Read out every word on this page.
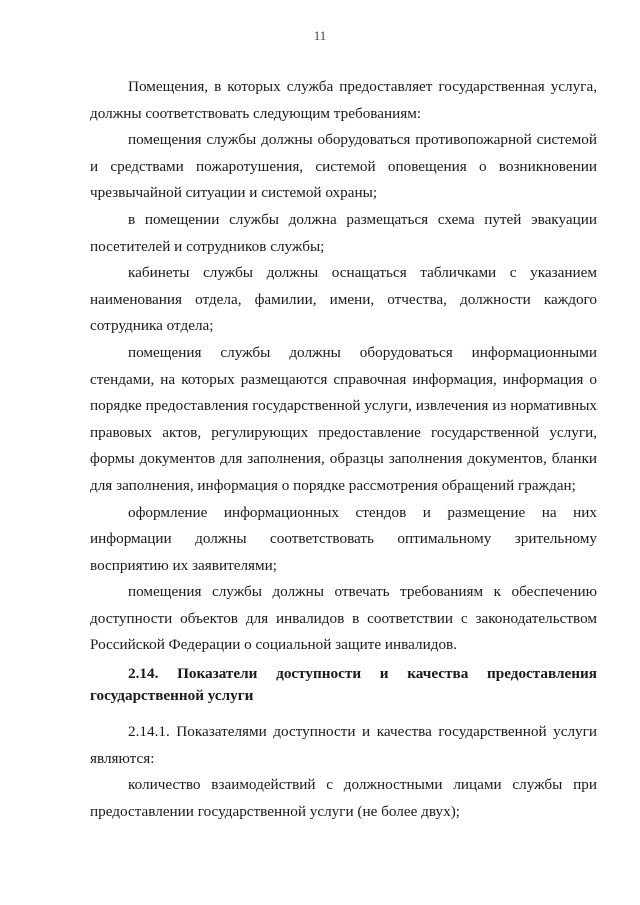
11

Помещения, в которых служба предоставляет государственная услуга, должны соответствовать следующим требованиям:

помещения службы должны оборудоваться противопожарной системой и средствами пожаротушения, системой оповещения о возникновении чрезвычайной ситуации и системой охраны;

в помещении службы должна размещаться схема путей эвакуации посетителей и сотрудников службы;

кабинеты службы должны оснащаться табличками с указанием наименования отдела, фамилии, имени, отчества, должности каждого сотрудника отдела;

помещения службы должны оборудоваться информационными стендами, на которых размещаются справочная информация, информация о порядке предоставления государственной услуги, извлечения из нормативных правовых актов, регулирующих предоставление государственной услуги, формы документов для заполнения, образцы заполнения документов, бланки для заполнения, информация о порядке рассмотрения обращений граждан;

оформление информационных стендов и размещение на них информации должны соответствовать оптимальному зрительному восприятию их заявителями;

помещения службы должны отвечать требованиям к обеспечению доступности объектов для инвалидов в соответствии с законодательством Российской Федерации о социальной защите инвалидов.

2.14. Показатели доступности и качества предоставления государственной услуги

2.14.1. Показателями доступности и качества государственной услуги являются:

количество взаимодействий с должностными лицами службы при предоставлении государственной услуги (не более двух);
